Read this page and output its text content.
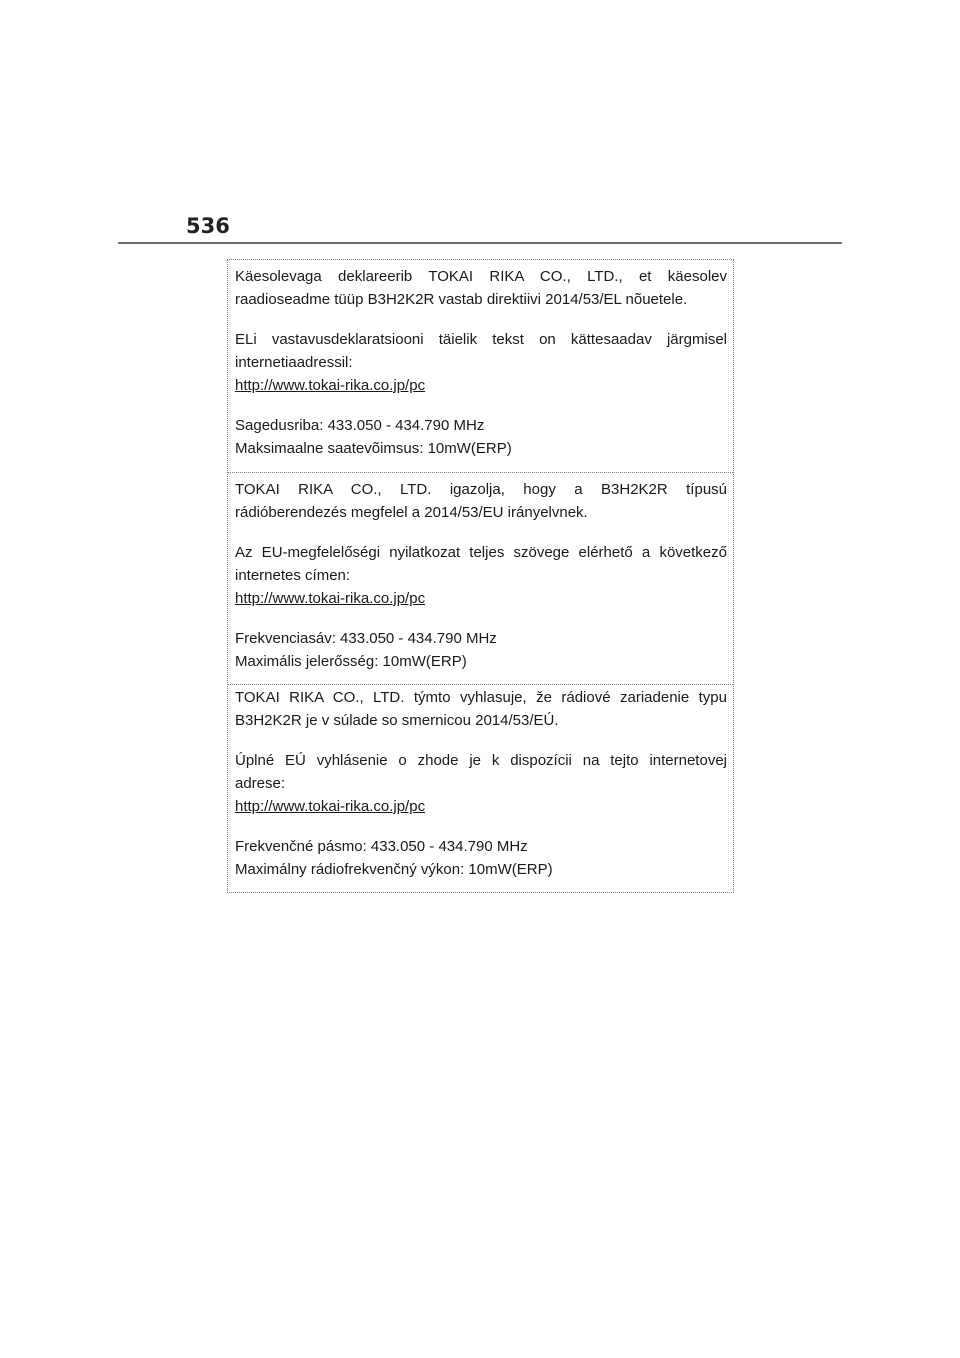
536

Käesolevaga deklareerib TOKAI RIKA CO., LTD., et käesolev
raadioseadme tüüp B3H2K2R vastab direktiivi 2014/53/EL nõuetele.

ELi vastavusdeklaratsiooni täielik tekst on kättesaadav järgmisel
internetiaadressil:

http://www.tokai-rika.co.jp/pc
Sagedusriba: 433.050 - 434.790 MHz
Maksimaalne saatevõimsus: 10mW(ERP)

TOKAI RIKA CO., LTD. igazolja, hogy a B3H2K2R típusú
rádióberendezés megfelel a 2014/53/EU irányelvnek.

Az EU-megfelelőségi nyilatkozat teljes szövege elérhető a következő
internetes címen:

http://www.tokai-rika.co.jp/pc
Frekvenciasáv: 433.050 - 434.790 MHz
Maximális jelerősség: 10mW(ERP)

TOKAI RIKA CO., LTD. týmto vyhlasuje, že rádiové zariadenie typu
B3H2K2R je v súlade so smernicou 2014/53/EÚ.

Úplné EÚ vyhlásenie o zhode je k dispozícii na tejto internetovej
adrese:

http://www.tokai-rika.co.jp/pc
Frekvenčné pásmo: 433.050 - 434.790 MHz
Maximálny rádiofrekvenčný výkon: 10mW(ERP)
